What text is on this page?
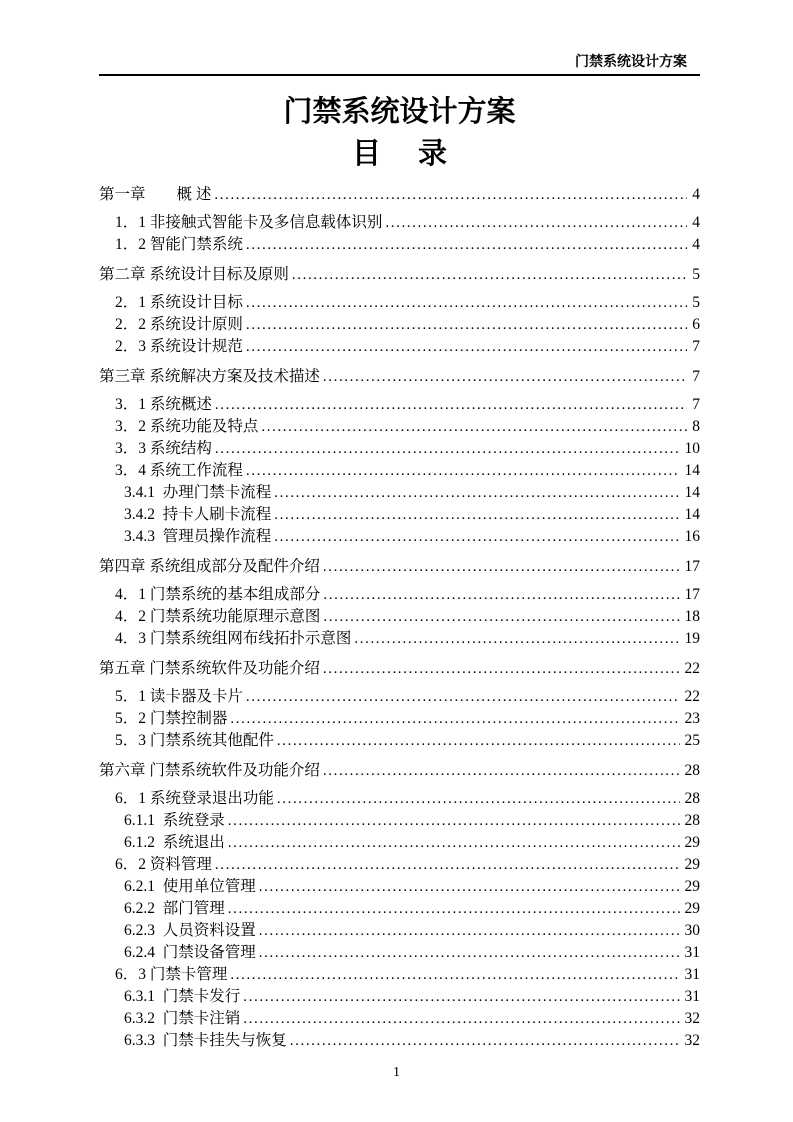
门禁系统设计方案
门禁系统设计方案
目　 录
第一章　　概 述 .....	4
1．1 非接触式智能卡及多信息载体识别 .....	4
1．2 智能门禁系统 .....	4
第二章 系统设计目标及原则 .....	5
2．1 系统设计目标 .....	5
2．2 系统设计原则 .....	6
2．3 系统设计规范 .....	7
第三章 系统解决方案及技术描述 .....	7
3．1 系统概述 .....	7
3．2 系统功能及特点 .....	8
3．3 系统结构 .....	10
3．4 系统工作流程 .....	14
3.4.1  办理门禁卡流程 .....	14
3.4.2  持卡人刷卡流程 .....	14
3.4.3  管理员操作流程 .....	16
第四章 系统组成部分及配件介绍 .....	17
4．1 门禁系统的基本组成部分 .....	17
4．2 门禁系统功能原理示意图 .....	18
4．3 门禁系统组网布线拓扑示意图 .....	19
第五章 门禁系统软件及功能介绍 .....	22
5．1 读卡器及卡片 .....	22
5．2 门禁控制器 .....	23
5．3 门禁系统其他配件 .....	25
第六章 门禁系统软件及功能介绍 .....	28
6．1 系统登录退出功能 .....	28
6.1.1  系统登录 .....	28
6.1.2  系统退出 .....	29
6．2 资料管理 .....	29
6.2.1  使用单位管理 .....	29
6.2.2  部门管理 .....	29
6.2.3  人员资料设置 .....	30
6.2.4  门禁设备管理 .....	31
6．3 门禁卡管理 .....	31
6.3.1  门禁卡发行 .....	31
6.3.2  门禁卡注销 .....	32
6.3.3  门禁卡挂失与恢复 .....	32
1
